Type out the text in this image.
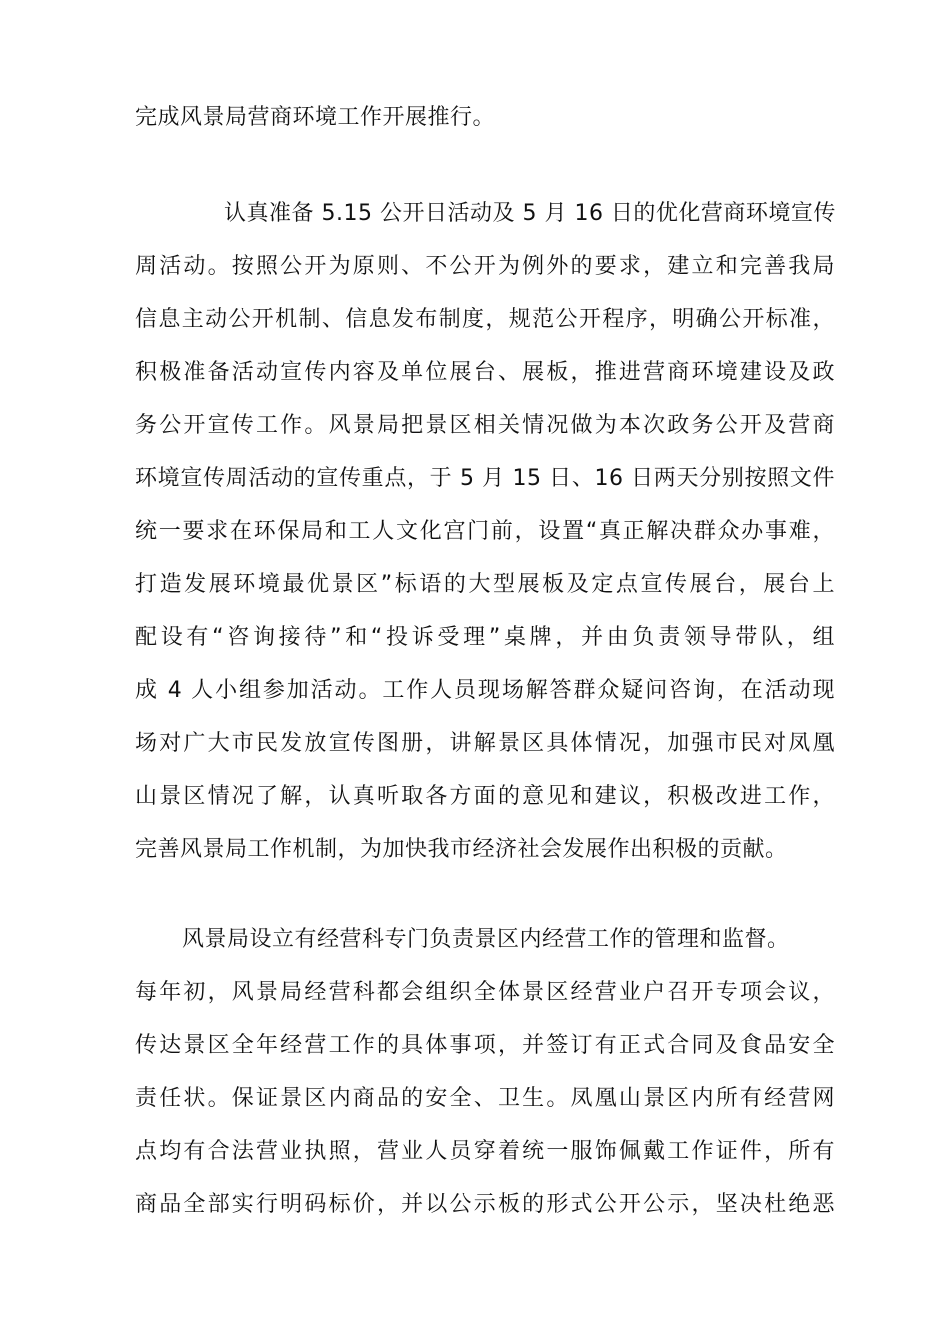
完成风景局营商环境工作开展推行。
认真准备 5.15 公开日活动及 5 月 16 日的优化营商环境宣传
周活动。按照公开为原则、不公开为例外的要求，建立和完善我局
信息主动公开机制、信息发布制度，规范公开程序，明确公开标准，
积极准备活动宣传内容及单位展台、展板，推进营商环境建设及政
务公开宣传工作。风景局把景区相关情况做为本次政务公开及营商
环境宣传周活动的宣传重点，于 5 月 15 日、16 日两天分别按照文件
统一要求在环保局和工人文化宫门前，设置“真正解决群众办事难，
打造发展环境最优景区”标语的大型展板及定点宣传展台，展台上
配设有“咨询接待”和“投诉受理”桌牌，并由负责领导带队，组
成 4 人小组参加活动。工作人员现场解答群众疑问咨询，在活动现
场对广大市民发放宣传图册，讲解景区具体情况，加强市民对凤凰
山景区情况了解，认真听取各方面的意见和建议，积极改进工作，
完善风景局工作机制，为加快我市经济社会发展作出积极的贡献。
风景局设立有经营科专门负责景区内经营工作的管理和监督。
每年初，风景局经营科都会组织全体景区经营业户召开专项会议，
传达景区全年经营工作的具体事项，并签订有正式合同及食品安全
责任状。保证景区内商品的安全、卫生。凤凰山景区内所有经营网
点均有合法营业执照，营业人员穿着统一服饰佩戴工作证件，所有
商品全部实行明码标价，并以公示板的形式公开公示，坚决杜绝恶
